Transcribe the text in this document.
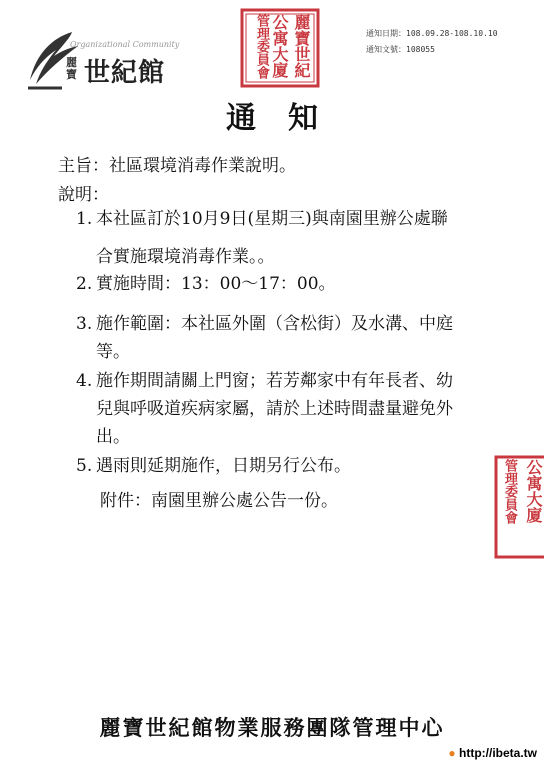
Organizational Community
麗寶 世紀館	麗寶世紀
公寓大廈
管理委員會	通知日期：108.09.28-108.10.10
通知文號：108055
通知
主旨：社區環境消毒作業說明。
說明：
1. 本社區訂於10月9日(星期三)與南園里辦公處聯
合實施環境消毒作業。。
2. 實施時間：13：00～17：00。
3. 施作範圍：本社區外圍（含松街）及水溝、中庭
等。
4. 施作期間請關上門窗；若芳鄰家中有年長者、幼
兒與呼吸道疾病家屬，請於上述時間盡量避免外
出。
5. 遇雨則延期施作，日期另行公布。
附件：南園里辦公處公告一份。	公寓大廈
管理委員會
麗寶世紀館物業服務團隊管理中心
● http://ibeta.tw
